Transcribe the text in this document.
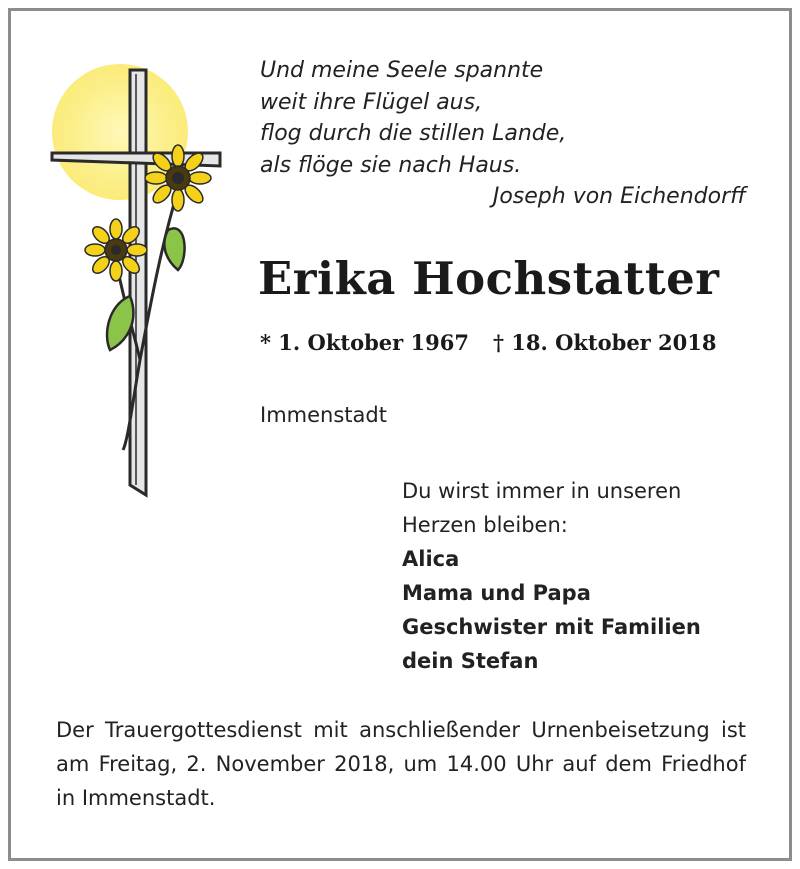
Und meine Seele spannte
weit ihre Flügel aus,
flog durch die stillen Lande,
als flöge sie nach Haus.
Joseph von Eichendorff
Erika Hochstatter
* 1. Oktober 1967 † 18. Oktober 2018
Immenstadt
Du wirst immer in unseren
Herzen bleiben:
Alica
Mama und Papa
Geschwister mit Familien
dein Stefan
Der Trauergottesdienst mit anschließender Urnenbeisetzung ist am Freitag, 2. November 2018, um 14.00 Uhr auf dem Friedhof in Immenstadt.
